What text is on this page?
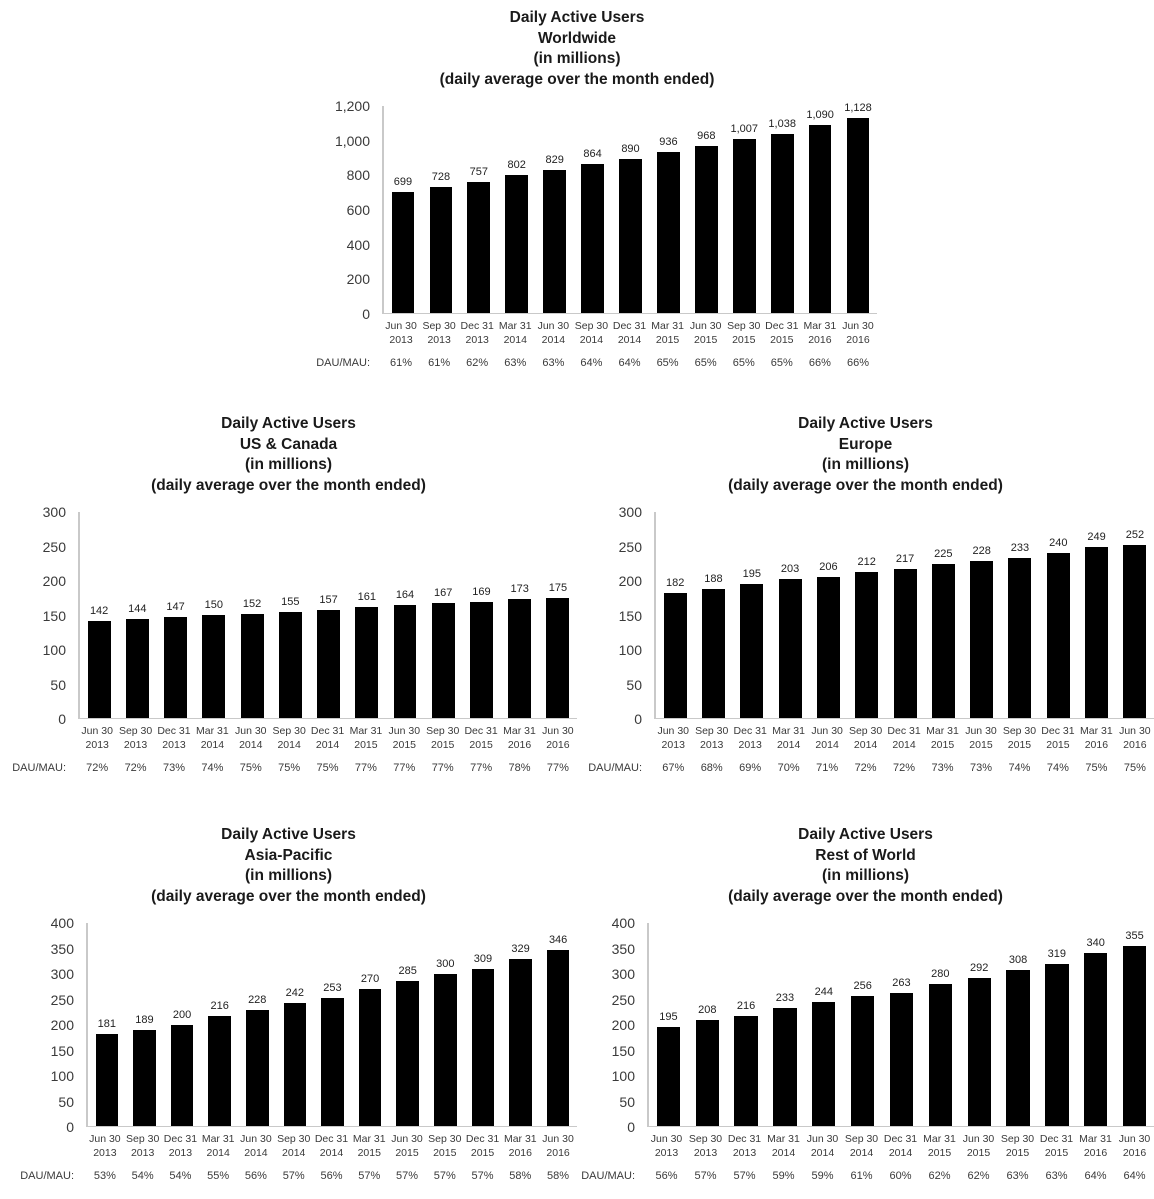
Daily Active Users
Worldwide
(in millions)
(daily average over the month ended)
0
200
400
600
800
1,000
1,200
699 728 757
802 829
864 890
936 968
1,007 1,038
1,090
1,128
Jun 30
2013
Sep 30
2013
Dec 31
2013
Mar 31
2014
Jun 30
2014
Sep 30
2014
Dec 31
2014
Mar 31
2015
Jun 30
2015
Sep 30
2015
Dec 31
2015
Mar 31
2016
Jun 30
2016
DAU/MAU:	61%	61%	62%	63%	63%	64%	64%	65%	65%	65%	65%	66%	66%
Daily Active Users
US & Canada
(in millions)
(daily average over the month ended)
0
50
100
150
200
250
300
142 144 147 150 152 155 157 161 164 167 169 173 175
Jun 30
2013
Sep 30
2013
Dec 31
2013
Mar 31
2014
Jun 30
2014
Sep 30
2014
Dec 31
2014
Mar 31
2015
Jun 30
2015
Sep 30
2015
Dec 31
2015
Mar 31
2016
Jun 30
2016
DAU/MAU:	72%	72%	73%	74%	75%	75%	75%	77%	77%	77%	77%	78%	77%
Daily Active Users
Europe
(in millions)
(daily average over the month ended)
0
50
100
150
200
250
300
182 188 195 203 206 212 217 225 228 233 240
249 252
Jun 30
2013
Sep 30
2013
Dec 31
2013
Mar 31
2014
Jun 30
2014
Sep 30
2014
Dec 31
2014
Mar 31
2015
Jun 30
2015
Sep 30
2015
Dec 31
2015
Mar 31
2016
Jun 30
2016
DAU/MAU:	67%	68%	69%	70%	71%	72%	72%	73%	73%	74%	74%	75%	75%
Daily Active Users
Asia-Pacific
(in millions)
(daily average over the month ended)
0
50
100
150
200
250
300
350
400
181 189 200
216
228
242 253
270
285
300 309
329
346
Jun 30
2013
Sep 30
2013
Dec 31
2013
Mar 31
2014
Jun 30
2014
Sep 30
2014
Dec 31
2014
Mar 31
2015
Jun 30
2015
Sep 30
2015
Dec 31
2015
Mar 31
2016
Jun 30
2016
DAU/MAU:	53%	54%	54%	55%	56%	57%	56%	57%	57%	57%	57%	58%	58%
Daily Active Users
Rest of World
(in millions)
(daily average over the month ended)
0
50
100
150
200
250
300
350
400
195
208 216
233 244
256 263
280
292
308 319
340
355
Jun 30
2013
Sep 30
2013
Dec 31
2013
Mar 31
2014
Jun 30
2014
Sep 30
2014
Dec 31
2014
Mar 31
2015
Jun 30
2015
Sep 30
2015
Dec 31
2015
Mar 31
2016
Jun 30
2016
DAU/MAU:	56%	57%	57%	59%	59%	61%	60%	62%	62%	63%	63%	64%	64%
